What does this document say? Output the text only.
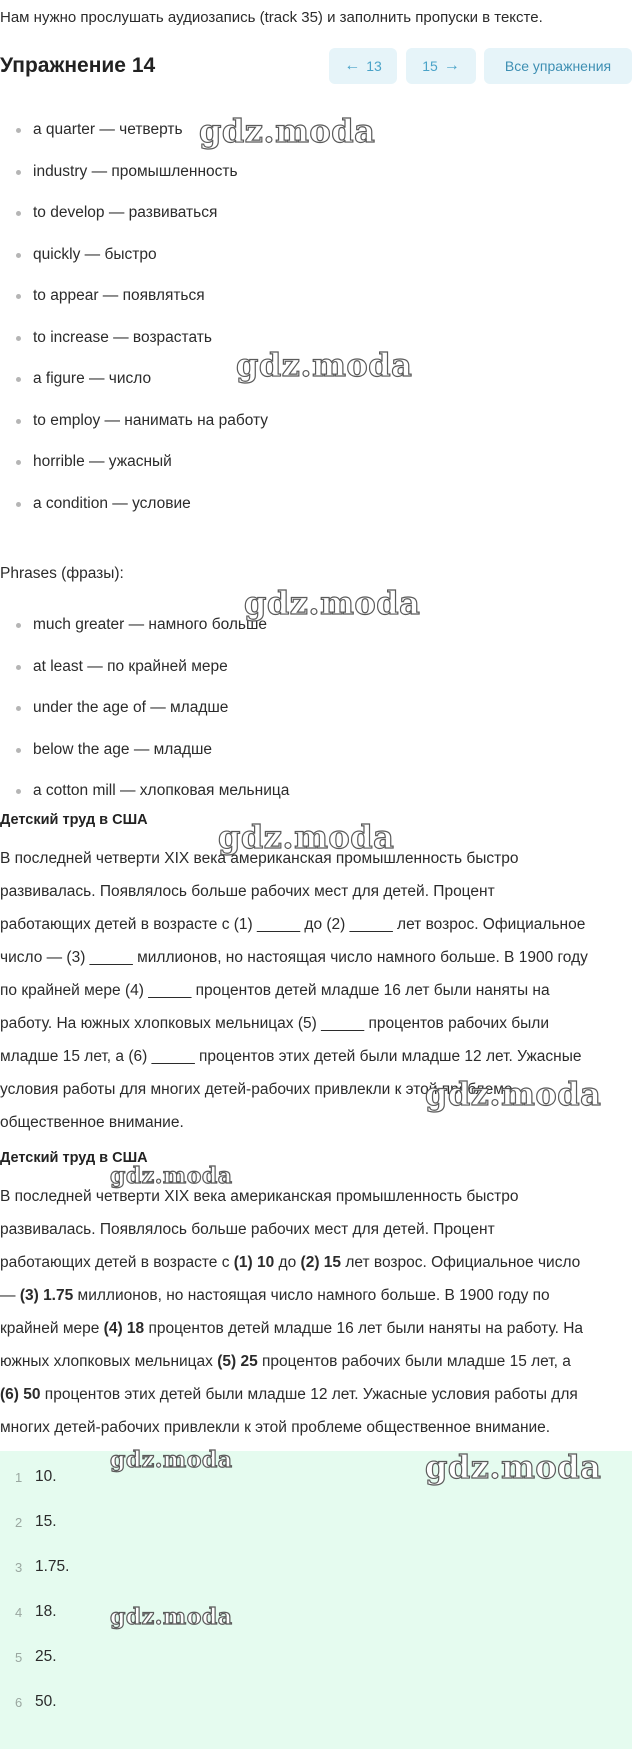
Нам нужно прослушать аудиозапись (track 35) и заполнить пропуски в тексте.
Упражнение 14	← 13	15 →	Все упражнения
a quarter — четверть
industry — промышленность
to develop — развиваться
quickly — быстро
to appear — появляться
to increase — возрастать
a figure — число
to employ — нанимать на работу
horrible — ужасный
a condition — условие
Phrases (фразы):
much greater — намного больше
at least — по крайней мере
under the age of — младше
below the age — младше
a cotton mill — хлопковая мельница
Детский труд в США
В последней четверти XIX века американская промышленность быстро
развивалась. Появлялось больше рабочих мест для детей. Процент
работающих детей в возрасте с (1) _____ до (2) _____ лет возрос. Официальное
число — (3) _____ миллионов, но настоящая число намного больше. В 1900 году
по крайней мере (4) _____ процентов детей младше 16 лет были наняты на
работу. На южных хлопковых мельницах (5) _____ процентов рабочих были
младше 15 лет, а (6) _____ процентов этих детей были младше 12 лет. Ужасные
условия работы для многих детей-рабочих привлекли к этой проблеме
общественное внимание.
Детский труд в США
В последней четверти XIX века американская промышленность быстро
развивалась. Появлялось больше рабочих мест для детей. Процент
работающих детей в возрасте с (1) 10 до (2) 15 лет возрос. Официальное число
— (3) 1.75 миллионов, но настоящая число намного больше. В 1900 году по
крайней мере (4) 18 процентов детей младше 16 лет были наняты на работу. На
южных хлопковых мельницах (5) 25 процентов рабочих были младше 15 лет, а
(6) 50 процентов этих детей были младше 12 лет. Ужасные условия работы для
многих детей-рабочих привлекли к этой проблеме общественное внимание.
1 10.
2 15.
3 1.75.
4 18.
5 25.
6 50.
gdz.moda
gdz.moda
gdz.moda
gdz.moda
gdz.moda
gdz.moda
gdz.moda	gdz.moda
gdz.moda
